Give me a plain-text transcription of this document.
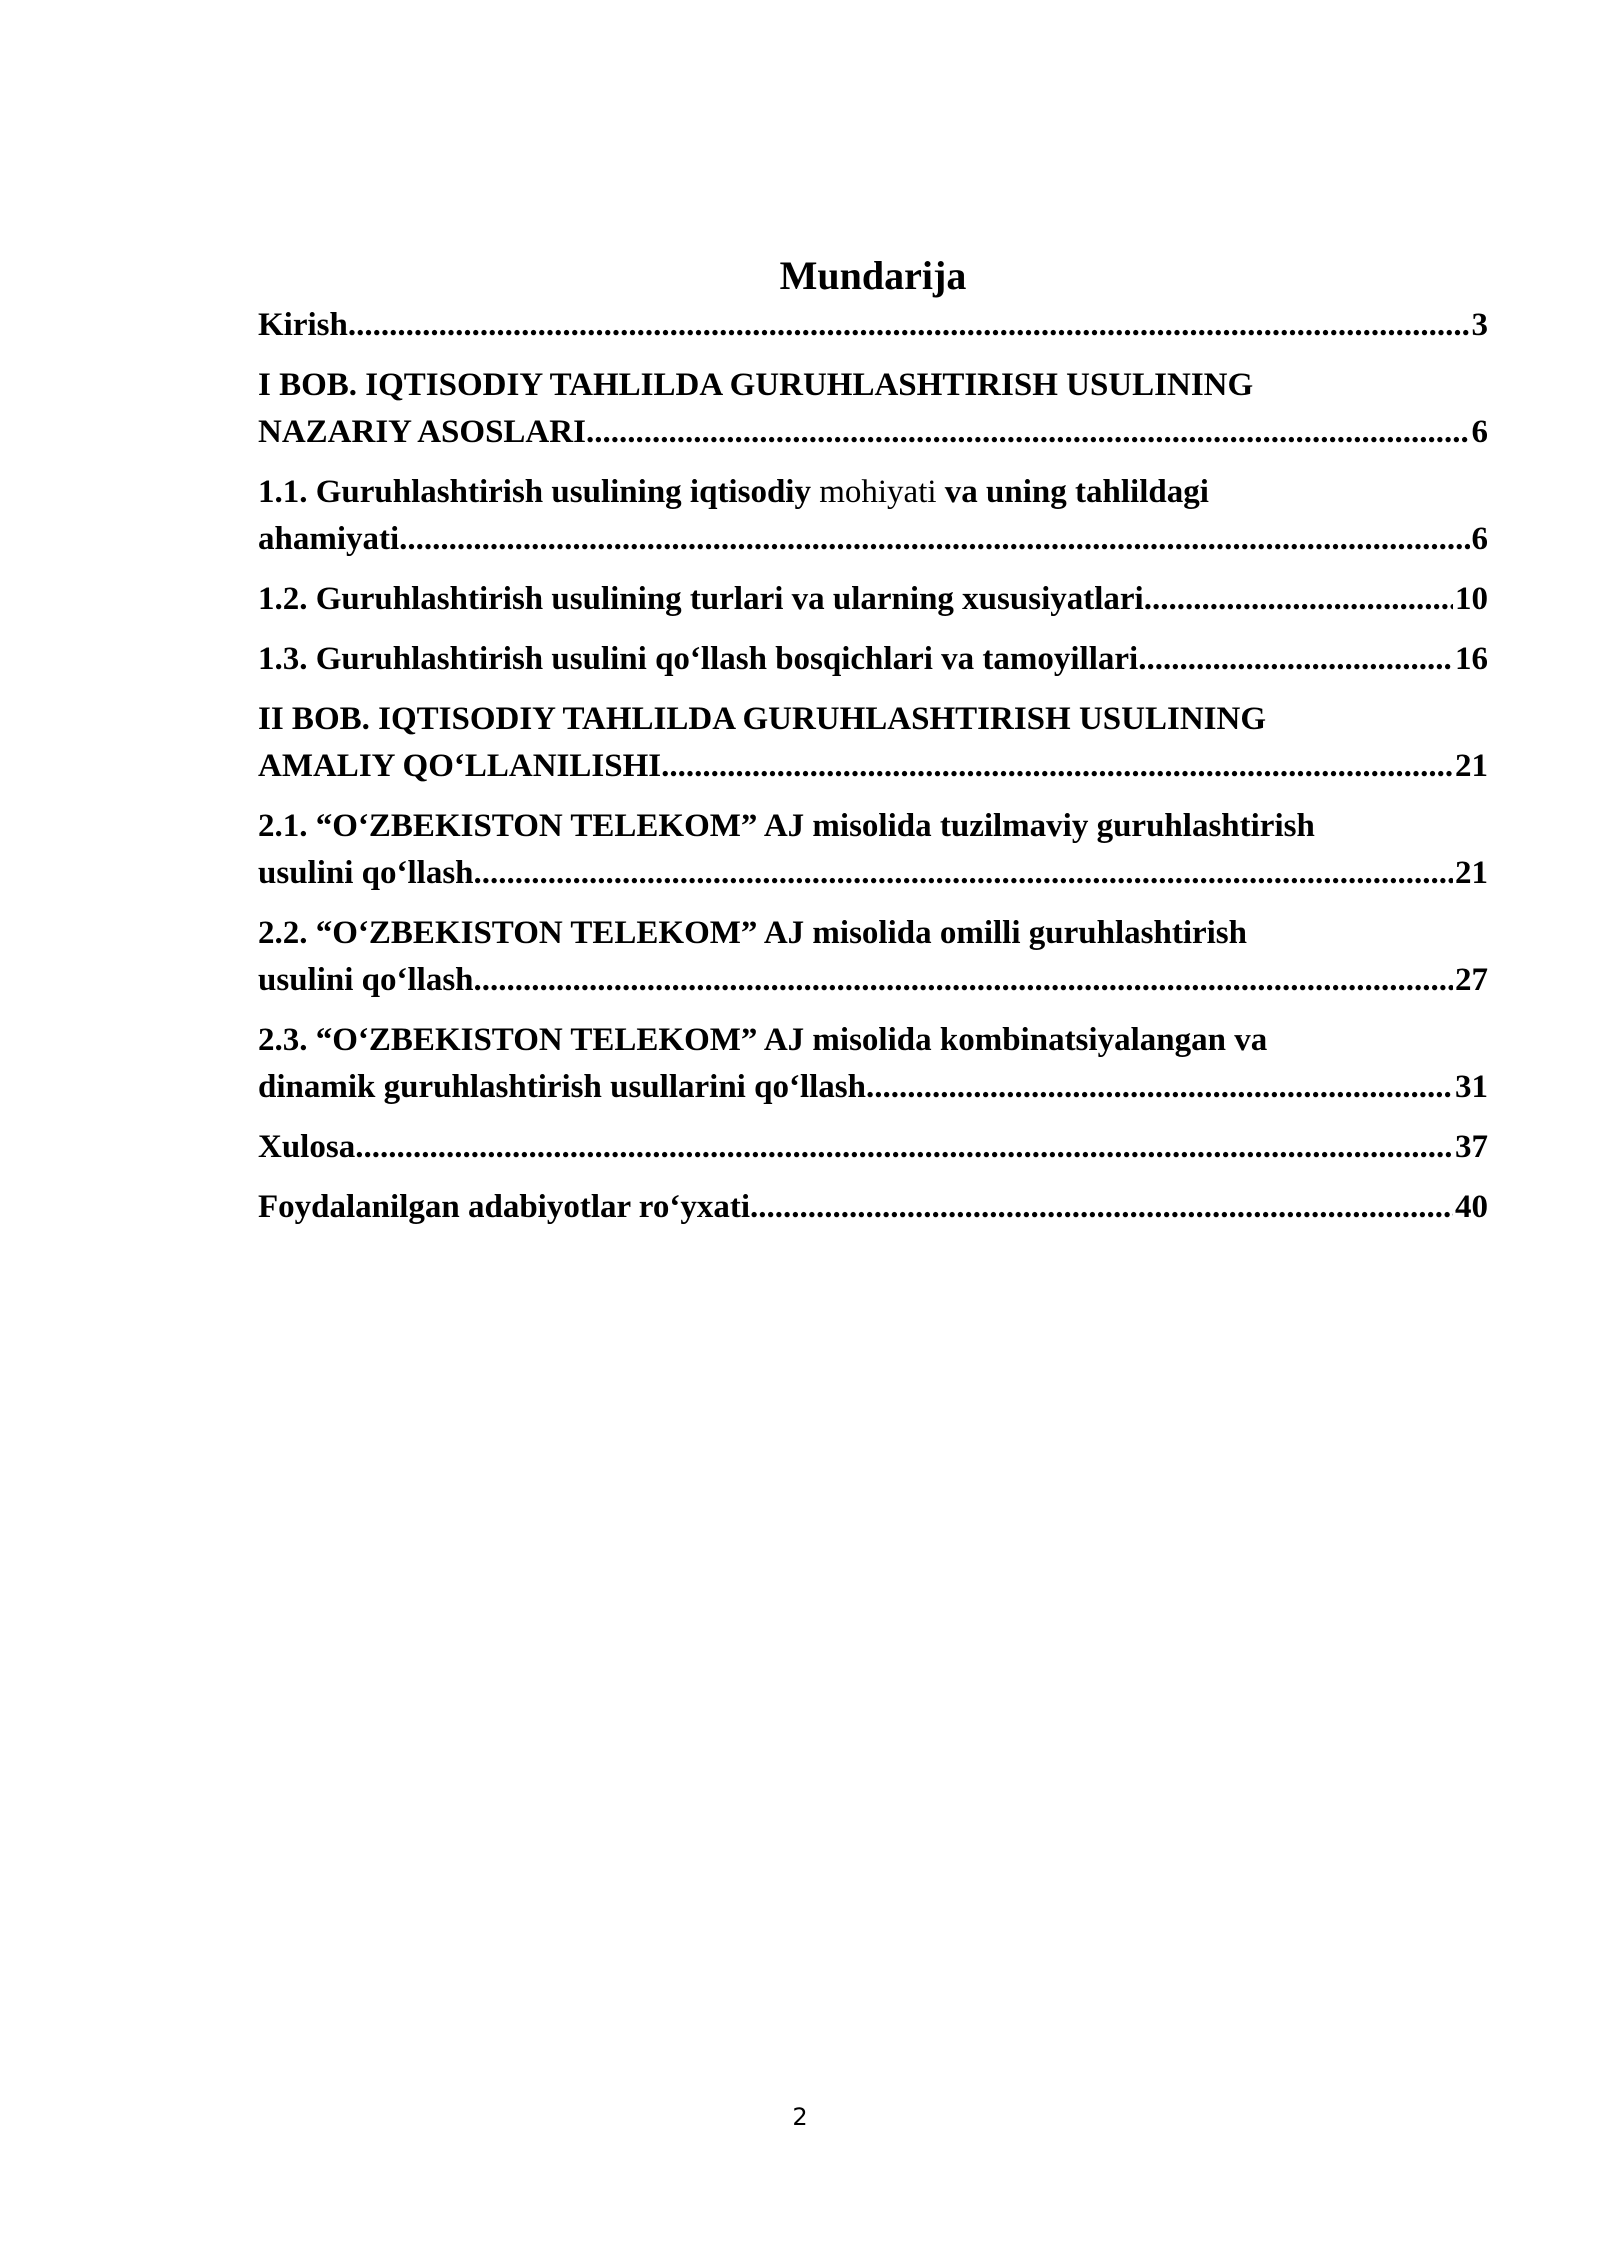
Mundarija
Kirish .....	3
I BOB. IQTISODIY TAHLILDA GURUHLASHTIRISH USULINING
NAZARIY ASOSLARI .....	6
1.1. Guruhlashtirish usulining iqtisodiy mohiyati va uning tahlildagi
ahamiyati .....	6
1.2. Guruhlashtirish usulining turlari va ularning xususiyatlari .....	10
1.3. Guruhlashtirish usulini qo‘llash bosqichlari va tamoyillari .....	16
II BOB. IQTISODIY TAHLILDA GURUHLASHTIRISH USULINING
AMALIY QO‘LLANILISHI .....	21
2.1. “O‘ZBEKISTON TELEKOM” AJ misolida tuzilmaviy guruhlashtirish
usulini qo‘llash .....	21
2.2. “O‘ZBEKISTON TELEKOM” AJ misolida omilli guruhlashtirish
usulini qo‘llash .....	27
2.3. “O‘ZBEKISTON TELEKOM” AJ misolida kombinatsiyalangan va
dinamik guruhlashtirish usullarini qo‘llash .....	31
Xulosa .....	37
Foydalanilgan adabiyotlar ro‘yxati .....	40
2
